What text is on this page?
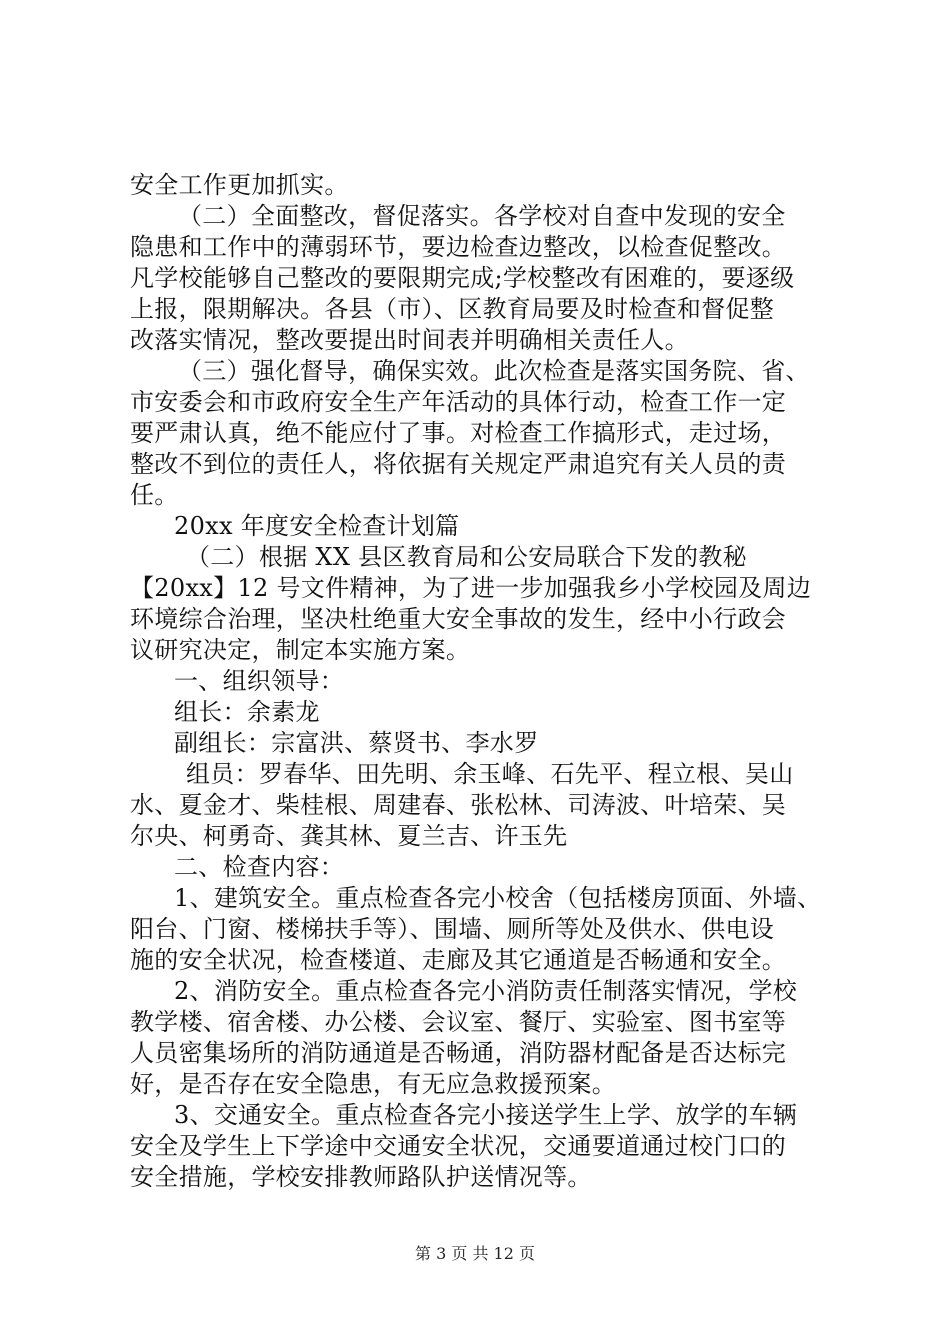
安全工作更加抓实。
（二）全面整改，督促落实。各学校对自查中发现的安全
隐患和工作中的薄弱环节，要边检查边整改，以检查促整改。
凡学校能够自己整改的要限期完成;学校整改有困难的，要逐级
上报，限期解决。各县（市）、区教育局要及时检查和督促整
改落实情况，整改要提出时间表并明确相关责任人。
（三）强化督导，确保实效。此次检查是落实国务院、省、
市安委会和市政府安全生产年活动的具体行动，检查工作一定
要严肃认真，绝不能应付了事。对检查工作搞形式，走过场，
整改不到位的责任人，将依据有关规定严肃追究有关人员的责
任。
20xx 年度安全检查计划篇
（二）根据 XX 县区教育局和公安局联合下发的教秘
【20xx】12 号文件精神，为了进一步加强我乡小学校园及周边
环境综合治理，坚决杜绝重大安全事故的发生，经中小行政会
议研究决定，制定本实施方案。
一、组织领导：
组长：余素龙
副组长：宗富洪、蔡贤书、李水罗
组员：罗春华、田先明、余玉峰、石先平、程立根、吴山
水、夏金才、柴桂根、周建春、张松林、司涛波、叶培荣、吴
尔央、柯勇奇、龚其林、夏兰吉、许玉先
二、检查内容：
1、建筑安全。重点检查各完小校舍（包括楼房顶面、外墙、
阳台、门窗、楼梯扶手等）、围墙、厕所等处及供水、供电设
施的安全状况，检查楼道、走廊及其它通道是否畅通和安全。
2、消防安全。重点检查各完小消防责任制落实情况，学校
教学楼、宿舍楼、办公楼、会议室、餐厅、实验室、图书室等
人员密集场所的消防通道是否畅通，消防器材配备是否达标完
好，是否存在安全隐患，有无应急救援预案。
3、交通安全。重点检查各完小接送学生上学、放学的车辆
安全及学生上下学途中交通安全状况，交通要道通过校门口的
安全措施，学校安排教师路队护送情况等。
第 3 页 共 12 页
